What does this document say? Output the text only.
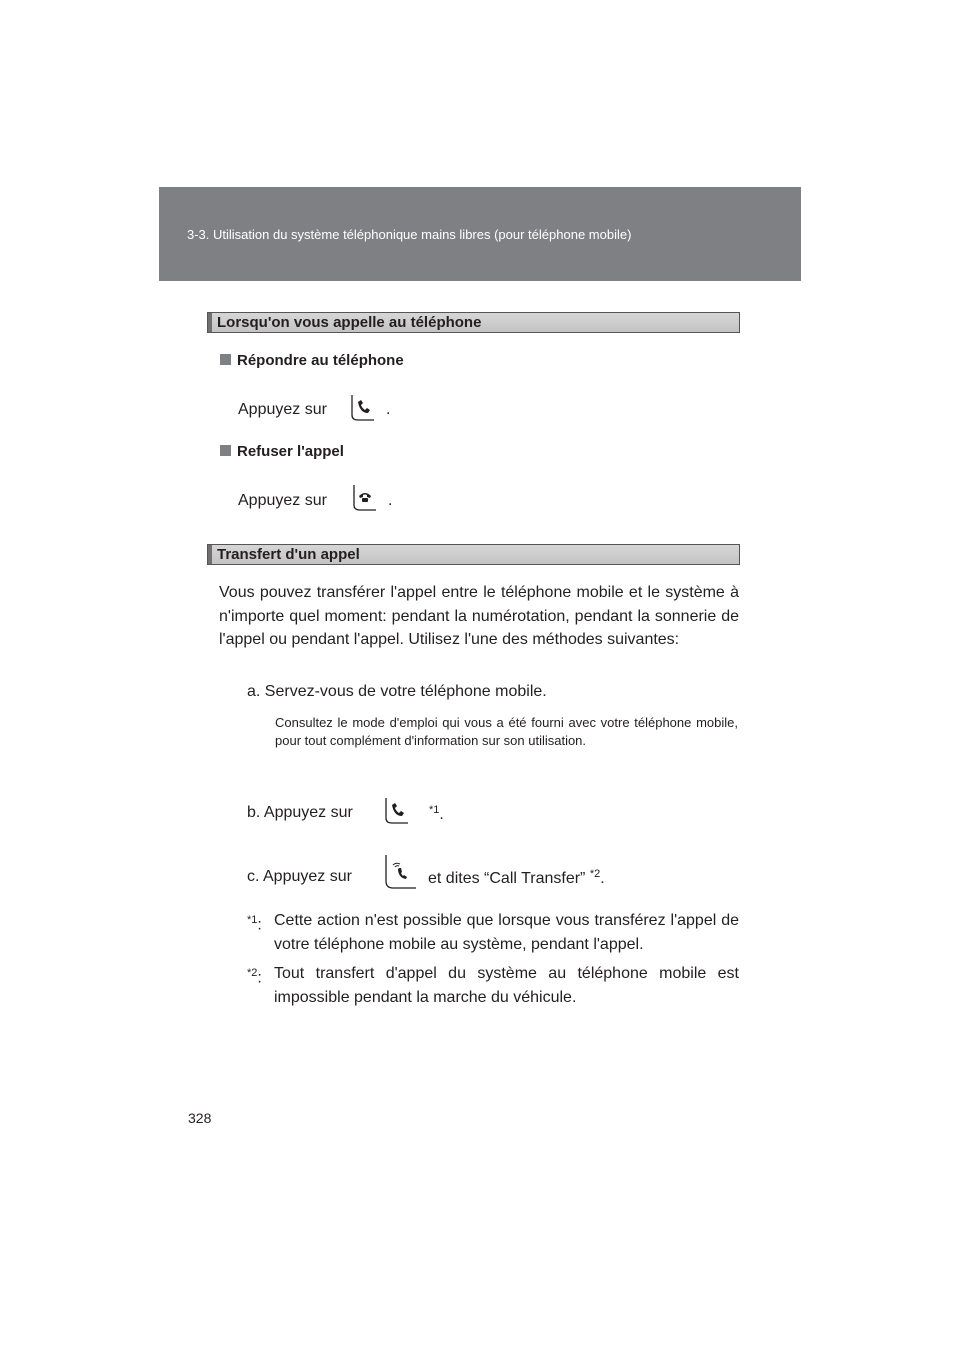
3-3. Utilisation du système téléphonique mains libres (pour téléphone mobile)
Lorsqu'on vous appelle au téléphone
Répondre au téléphone
Appuyez sur	.
Refuser l'appel
Appuyez sur	.
Transfert d'un appel
Vous pouvez transférer l'appel entre le téléphone mobile et le système à n'importe quel moment: pendant la numérotation, pendant la sonnerie de l'appel ou pendant l'appel. Utilisez l'une des méthodes suivantes:
a. Servez-vous de votre téléphone mobile.
Consultez le mode d'emploi qui vous a été fourni avec votre téléphone mobile, pour tout complément d'information sur son utilisation.
b. Appuyez sur	$^{*1}$.
c. Appuyez sur	et dites “Call Transfer” $^{*2}$.
$^{*1}$: Cette action n'est possible que lorsque vous transférez l'appel de votre téléphone mobile au système, pendant l'appel.
$^{*2}$: Tout transfert d'appel du système au téléphone mobile est impossible pendant la marche du véhicule.
328
